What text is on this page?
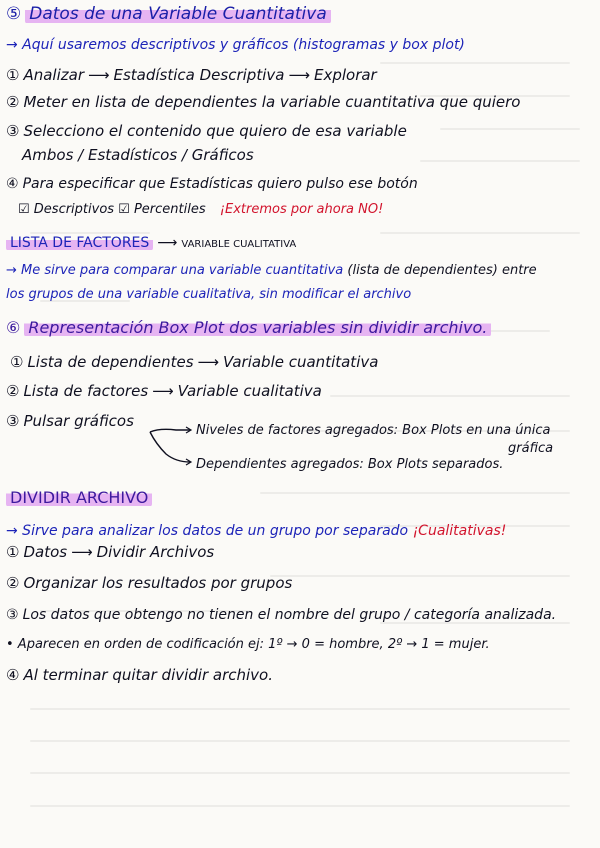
⑤ Datos de una Variable Cuantitativa
→ Aquí usaremos descriptivos y gráficos (histogramas y box plot)
① Analizar ⟶ Estadística Descriptiva ⟶ Explorar
② Meter en lista de dependientes la variable cuantitativa que quiero
③ Selecciono el contenido que quiero de esa variable
Ambos / Estadísticos / Gráficos
④ Para especificar que Estadísticas quiero pulso ese botón
☑ Descriptivos ☑ Percentiles ¡Extremos por ahora NO!
LISTA DE FACTORES ⟶ VARIABLE CUALITATIVA
→ Me sirve para comparar una variable cuantitativa (lista de dependientes) entre
los grupos de una variable cualitativa, sin modificar el archivo
⑥ Representación Box Plot dos variables sin dividir archivo.
① Lista de dependientes ⟶ Variable cuantitativa
② Lista de factores ⟶ Variable cualitativa
③ Pulsar gráficos
Niveles de factores agregados: Box Plots en una única
gráfica
Dependientes agregados: Box Plots separados.
DIVIDIR ARCHIVO
→ Sirve para analizar los datos de un grupo por separado ¡Cualitativas!
① Datos ⟶ Dividir Archivos
② Organizar los resultados por grupos
③ Los datos que obtengo no tienen el nombre del grupo / categoría analizada.
• Aparecen en orden de codificación ej: 1º → 0 = hombre, 2º → 1 = mujer.
④ Al terminar quitar dividir archivo.
